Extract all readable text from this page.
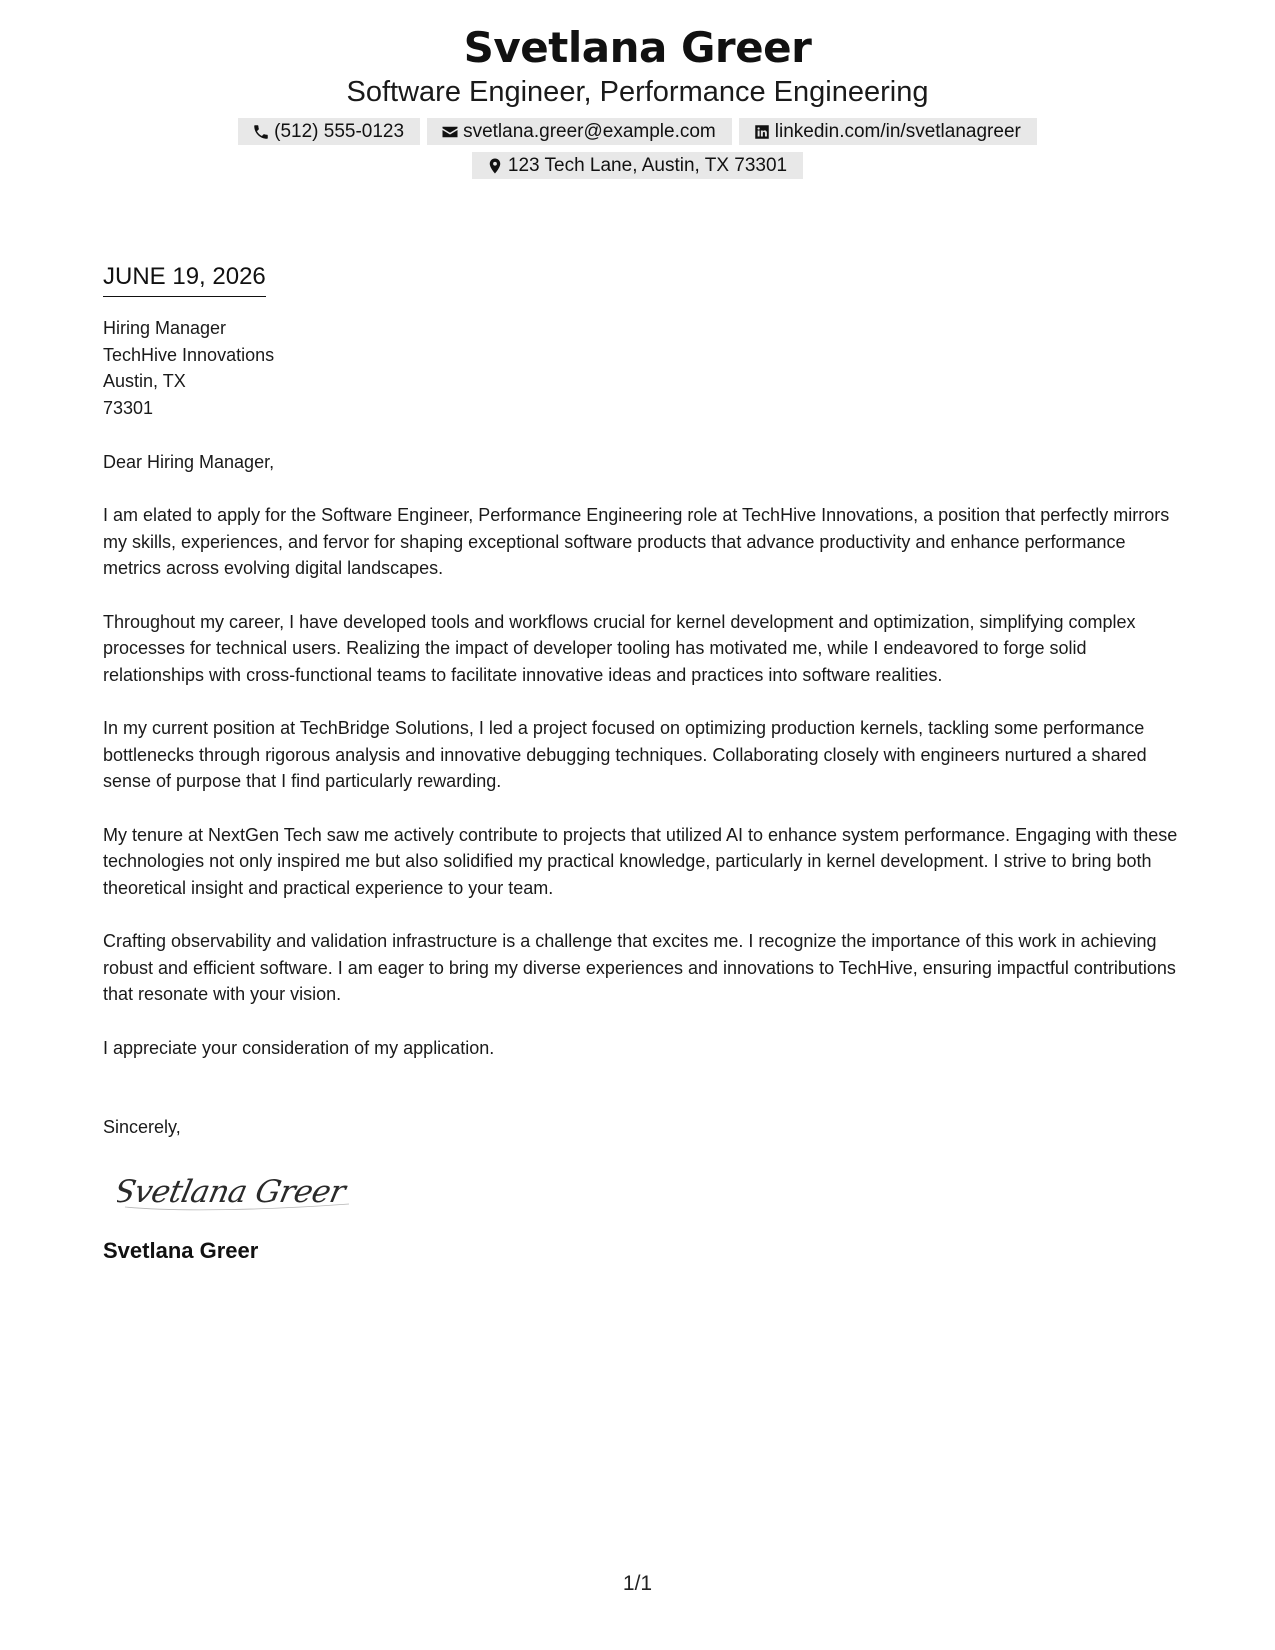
Svetlana Greer
Software Engineer, Performance Engineering
(512) 555-0123	svetlana.greer@example.com	linkedin.com/in/svetlanagreer
123 Tech Lane, Austin, TX 73301
JUNE 19, 2026
Hiring Manager
TechHive Innovations
Austin, TX
73301
Dear Hiring Manager,
I am elated to apply for the Software Engineer, Performance Engineering role at TechHive Innovations, a position that perfectly mirrors my skills, experiences, and fervor for shaping exceptional software products that advance productivity and enhance performance metrics across evolving digital landscapes.
Throughout my career, I have developed tools and workflows crucial for kernel development and optimization, simplifying complex processes for technical users. Realizing the impact of developer tooling has motivated me, while I endeavored to forge solid relationships with cross-functional teams to facilitate innovative ideas and practices into software realities.
In my current position at TechBridge Solutions, I led a project focused on optimizing production kernels, tackling some performance bottlenecks through rigorous analysis and innovative debugging techniques. Collaborating closely with engineers nurtured a shared sense of purpose that I find particularly rewarding.
My tenure at NextGen Tech saw me actively contribute to projects that utilized AI to enhance system performance. Engaging with these technologies not only inspired me but also solidified my practical knowledge, particularly in kernel development. I strive to bring both theoretical insight and practical experience to your team.
Crafting observability and validation infrastructure is a challenge that excites me. I recognize the importance of this work in achieving robust and efficient software. I am eager to bring my diverse experiences and innovations to TechHive, ensuring impactful contributions that resonate with your vision.
I appreciate your consideration of my application.
Sincerely,
Svetlana Greer
Svetlana Greer
1/1
